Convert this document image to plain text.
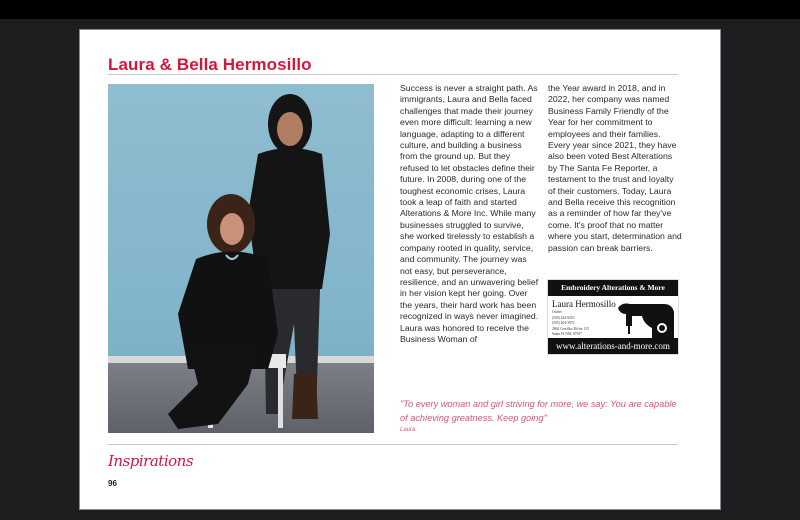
Laura & Bella Hermosillo
Success is never a straight path. As immigrants, Laura and Bella faced challenges that made their journey even more difficult: learning a new language, adapting to a different culture, and building a business from the ground up. But they refused to let obstacles define their future. In 2008, during one of the toughest economic crises, Laura took a leap of faith and started Alterations & More Inc. While many businesses struggled to survive, she worked tirelessly to establish a company rooted in quality, service, and community. The journey was not easy, but perseverance, resilience, and an unwavering belief in her vision kept her going. Over the years, their hard work has been recognized in ways never imagined. Laura was honored to receive the Business Woman of
the Year award in 2018, and in 2022, her company was named Business Family Friendly of the Year for her commitment to employees and their families. Every year since 2021, they have also been voted Best Alterations by The Santa Fe Reporter, a testament to the trust and loyalty of their customers. Today, Laura and Bella receive this recognition as a reminder of how far they've come. It's proof that no matter where you start, determination and passion can break barriers.
Embroidery Alterations & More
Laura Hermosillo
Owner
(505) 424-9216
(505) 204-3972
2864 Cerrillos Rd ste 115
Santa Fe NM, 87507
www.alterations-and-more.com
"To every woman and girl striving for more, we say: You are capable of achieving greatness. Keep going"
Laura.
Inspirations
96
